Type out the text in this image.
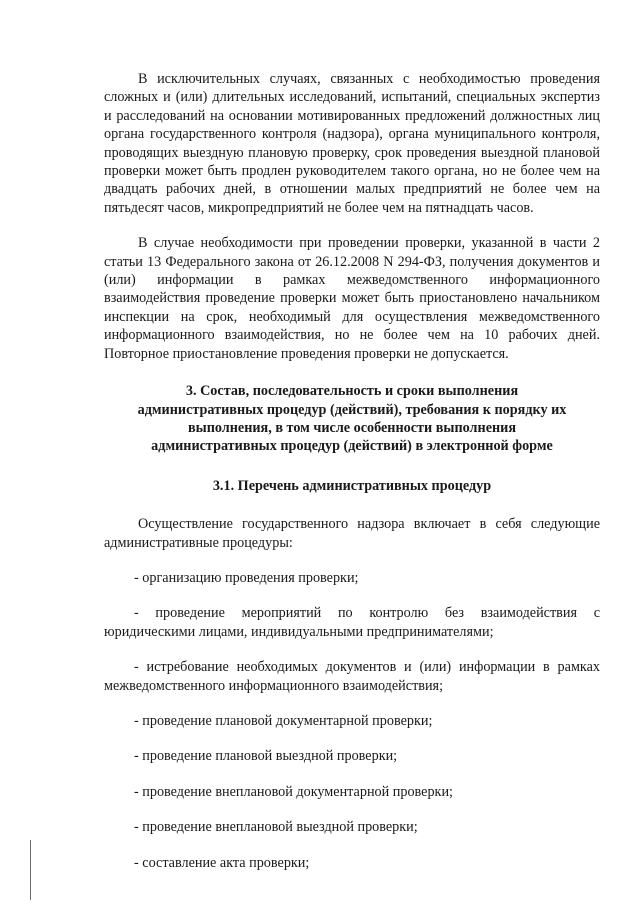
В исключительных случаях, связанных с необходимостью проведения сложных и (или) длительных исследований, испытаний, специальных экспертиз и расследований на основании мотивированных предложений должностных лиц органа государственного контроля (надзора), органа муниципального контроля, проводящих выездную плановую проверку, срок проведения выездной плановой проверки может быть продлен руководителем такого органа, но не более чем на двадцать рабочих дней, в отношении малых предприятий не более чем на пятьдесят часов, микропредприятий не более чем на пятнадцать часов.

В случае необходимости при проведении проверки, указанной в части 2 статьи 13 Федерального закона от 26.12.2008 N 294-ФЗ, получения документов и (или) информации в рамках межведомственного информационного взаимодействия проведение проверки может быть приостановлено начальником инспекции на срок, необходимый для осуществления межведомственного информационного взаимодействия, но не более чем на 10 рабочих дней. Повторное приостановление проведения проверки не допускается.

3. Состав, последовательность и сроки выполнения административных процедур (действий), требования к порядку их выполнения, в том числе особенности выполнения административных процедур (действий) в электронной форме
3.1. Перечень административных процедур

Осуществление государственного надзора включает в себя следующие административные процедуры:

- организацию проведения проверки;
- проведение мероприятий по контролю без взаимодействия с юридическими лицами, индивидуальными предпринимателями;
- истребование необходимых документов и (или) информации в рамках межведомственного информационного взаимодействия;
- проведение плановой документарной проверки;
- проведение плановой выездной проверки;
- проведение внеплановой документарной проверки;
- проведение внеплановой выездной проверки;
- составление акта проверки;
